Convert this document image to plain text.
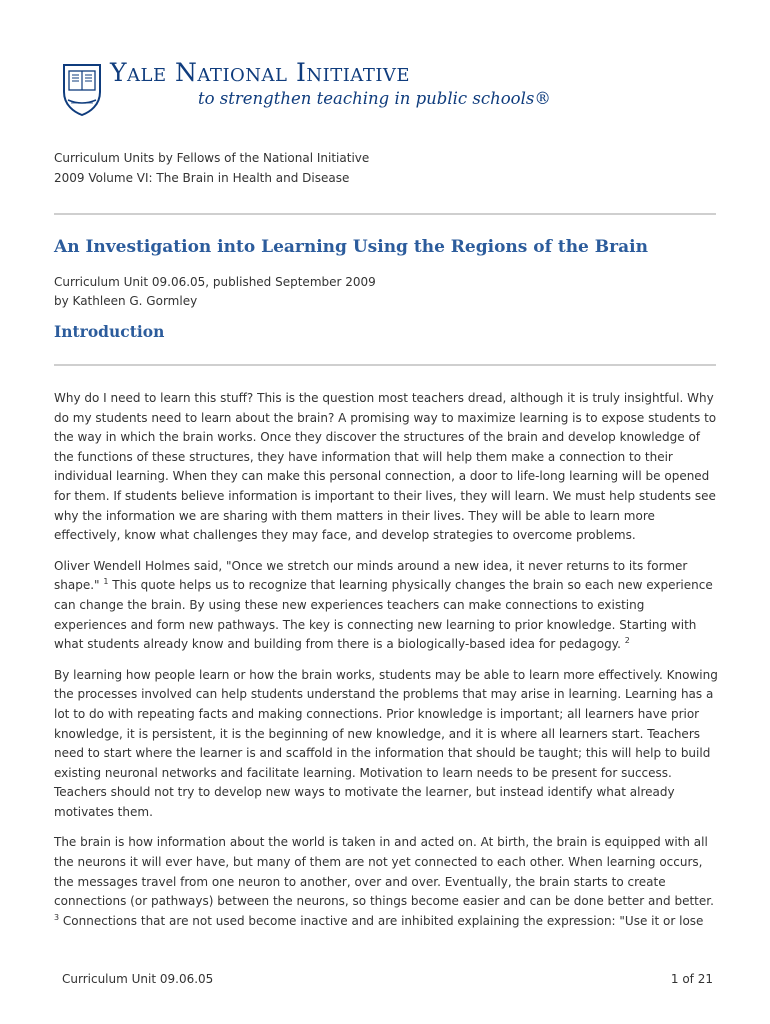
Yale National Initiative
to strengthen teaching in public schools®
Curriculum Units by Fellows of the National Initiative
2009 Volume VI: The Brain in Health and Disease
An Investigation into Learning Using the Regions of the Brain
Curriculum Unit 09.06.05, published September 2009
by Kathleen G. Gormley
Introduction

Why do I need to learn this stuff? This is the question most teachers dread, although it is truly insightful. Why do my students need to learn about the brain? A promising way to maximize learning is to expose students to the way in which the brain works. Once they discover the structures of the brain and develop knowledge of the functions of these structures, they have information that will help them make a connection to their individual learning. When they can make this personal connection, a door to life-long learning will be opened for them. If students believe information is important to their lives, they will learn. We must help students see why the information we are sharing with them matters in their lives. They will be able to learn more effectively, know what challenges they may face, and develop strategies to overcome problems.

Oliver Wendell Holmes said, "Once we stretch our minds around a new idea, it never returns to its former shape." $^1$ This quote helps us to recognize that learning physically changes the brain so each new experience can change the brain. By using these new experiences teachers can make connections to existing experiences and form new pathways. The key is connecting new learning to prior knowledge. Starting with what students already know and building from there is a biologically-based idea for pedagogy. $^2$

By learning how people learn or how the brain works, students may be able to learn more effectively. Knowing the processes involved can help students understand the problems that may arise in learning. Learning has a lot to do with repeating facts and making connections. Prior knowledge is important; all learners have prior knowledge, it is persistent, it is the beginning of new knowledge, and it is where all learners start. Teachers need to start where the learner is and scaffold in the information that should be taught; this will help to build existing neuronal networks and facilitate learning. Motivation to learn needs to be present for success. Teachers should not try to develop new ways to motivate the learner, but instead identify what already motivates them.

The brain is how information about the world is taken in and acted on. At birth, the brain is equipped with all the neurons it will ever have, but many of them are not yet connected to each other. When learning occurs, the messages travel from one neuron to another, over and over. Eventually, the brain starts to create connections (or pathways) between the neurons, so things become easier and can be done better and better. $^3$ Connections that are not used become inactive and are inhibited explaining the expression: "Use it or lose

Curriculum Unit 09.06.05	1 of 21
